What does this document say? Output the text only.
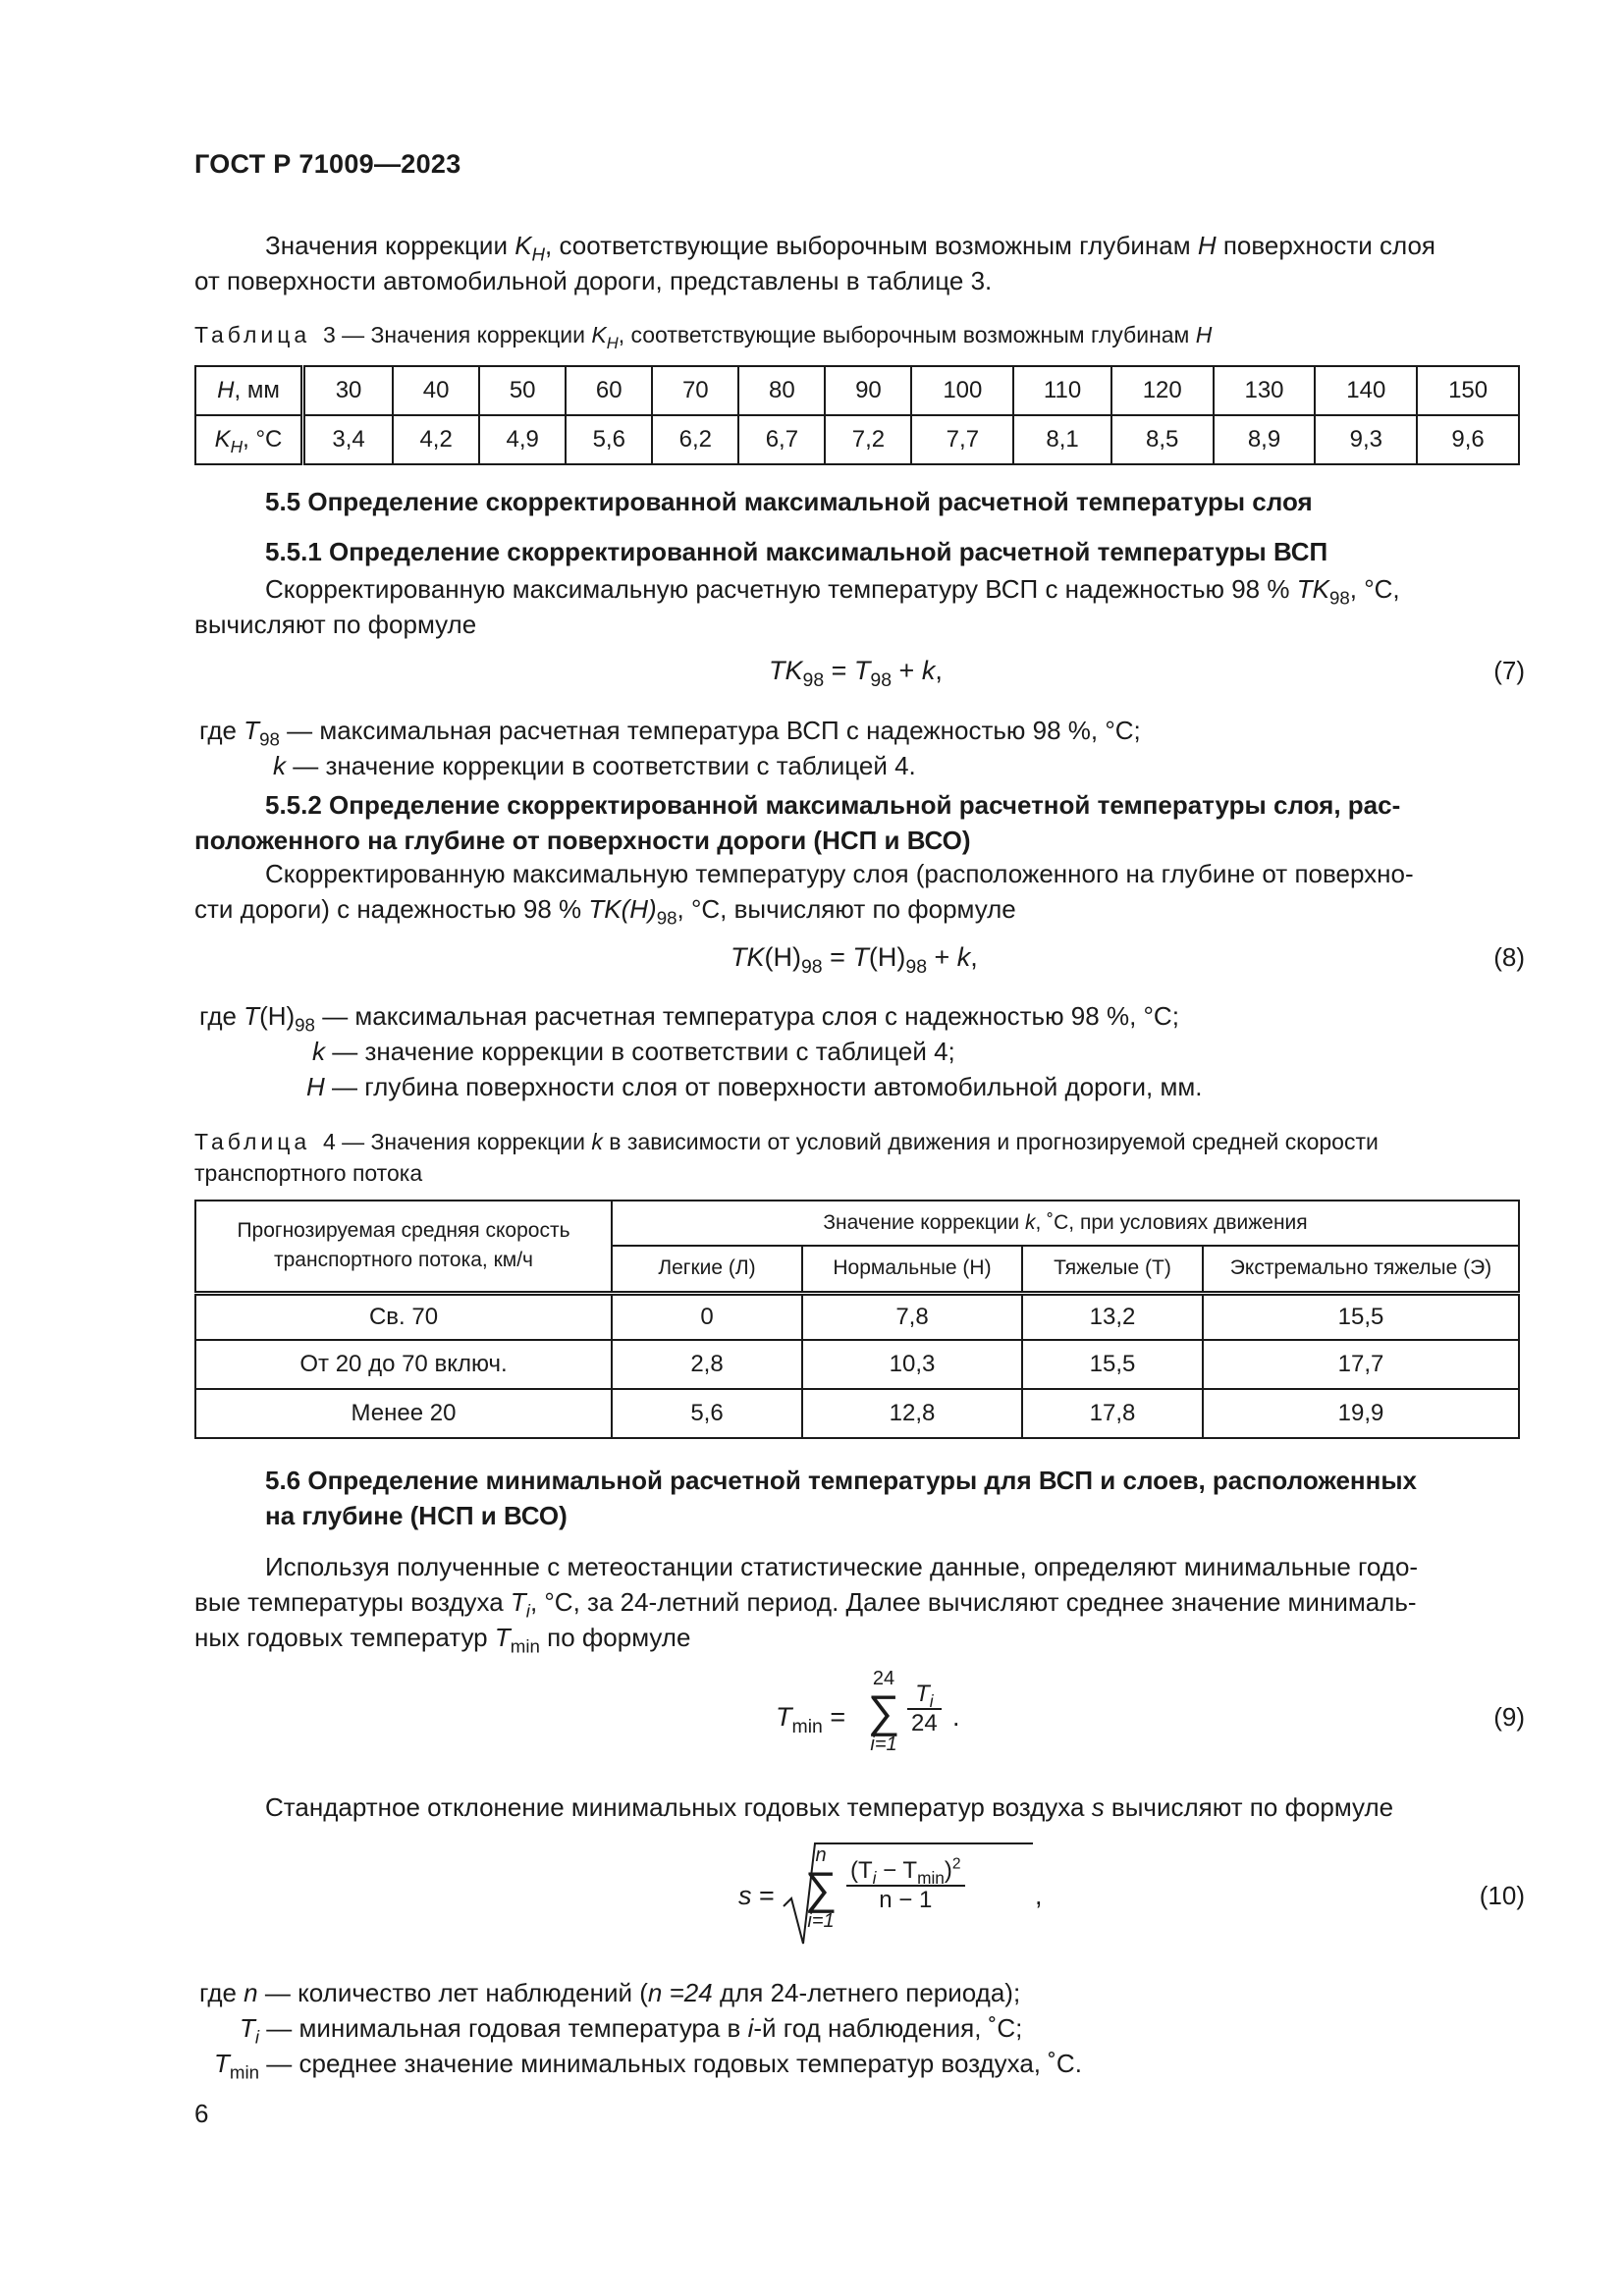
ГОСТ Р 71009—2023
Значения коррекции $K_H$, соответствующие выборочным возможным глубинам H поверхности слоя
от поверхности автомобильной дороги, представлены в таблице 3.
Таблица 3 — Значения коррекции $K_H$, соответствующие выборочным возможным глубинам H
H, мм	30	40	50	60	70	80	90	100	110	120	130	140	150
$K_H$, °С	3,4	4,2	4,9	5,6	6,2	6,7	7,2	7,7	8,1	8,5	8,9	9,3	9,6
5.5 Определение скорректированной максимальной расчетной температуры слоя
5.5.1 Определение скорректированной максимальной расчетной температуры ВСП
Скорректированную максимальную расчетную температуру ВСП с надежностью 98 % $TK_{98}$, °С,
вычисляют по формуле
$TK_{98} = T_{98} + k$,	(7)
где $T_{98}$ — максимальная расчетная температура ВСП с надежностью 98 %, °С;
k — значение коррекции в соответствии с таблицей 4.
5.5.2 Определение скорректированной максимальной расчетной температуры слоя, рас-
положенного на глубине от поверхности дороги (НСП и ВСО)
Скорректированную максимальную температуру слоя (расположенного на глубине от поверхно-
сти дороги) с надежностью 98 % $TK(H)_{98}$, °С, вычисляют по формуле
$TK(H)_{98} = T(H)_{98} + k$,	(8)
где $T(H)_{98}$ — максимальная расчетная температура слоя с надежностью 98 %, °С;
k — значение коррекции в соответствии с таблицей 4;
H — глубина поверхности слоя от поверхности автомобильной дороги, мм.
Таблица 4 — Значения коррекции k в зависимости от условий движения и прогнозируемой средней скорости
транспортного потока
Прогнозируемая средняя скорость
транспортного потока, км/ч	Значение коррекции k, ˚С, при условиях движения			
	Легкие (Л)	Нормальные (Н)	Тяжелые (Т)	Экстремально тяжелые (Э)
Св. 70	0	7,8	13,2	15,5
От 20 до 70 включ.	2,8	10,3	15,5	17,7
Менее 20	5,6	12,8	17,8	19,9
5.6 Определение минимальной расчетной температуры для ВСП и слоев, расположенных
на глубине (НСП и ВСО)
Используя полученные с метеостанции статистические данные, определяют минимальные годо-
вые температуры воздуха $T_i$, °С, за 24-летний период. Далее вычисляют среднее значение минималь-
ных годовых температур $T_{min}$ по формуле
$T_{min}$ =
24
∑
i=1
$\frac{T_i}{24}$ .	(9)
Стандартное отклонение минимальных годовых температур воздуха s вычисляют по формуле
s =
n
∑
i=1
$(T_i - T_{min})^2$
n − 1	,	(10)
где n — количество лет наблюдений (n =24 для 24-летнего периода);
$T_i$ — минимальная годовая температура в i-й год наблюдения, ˚С;
$T_{min}$ — среднее значение минимальных годовых температур воздуха, ˚С.
6
